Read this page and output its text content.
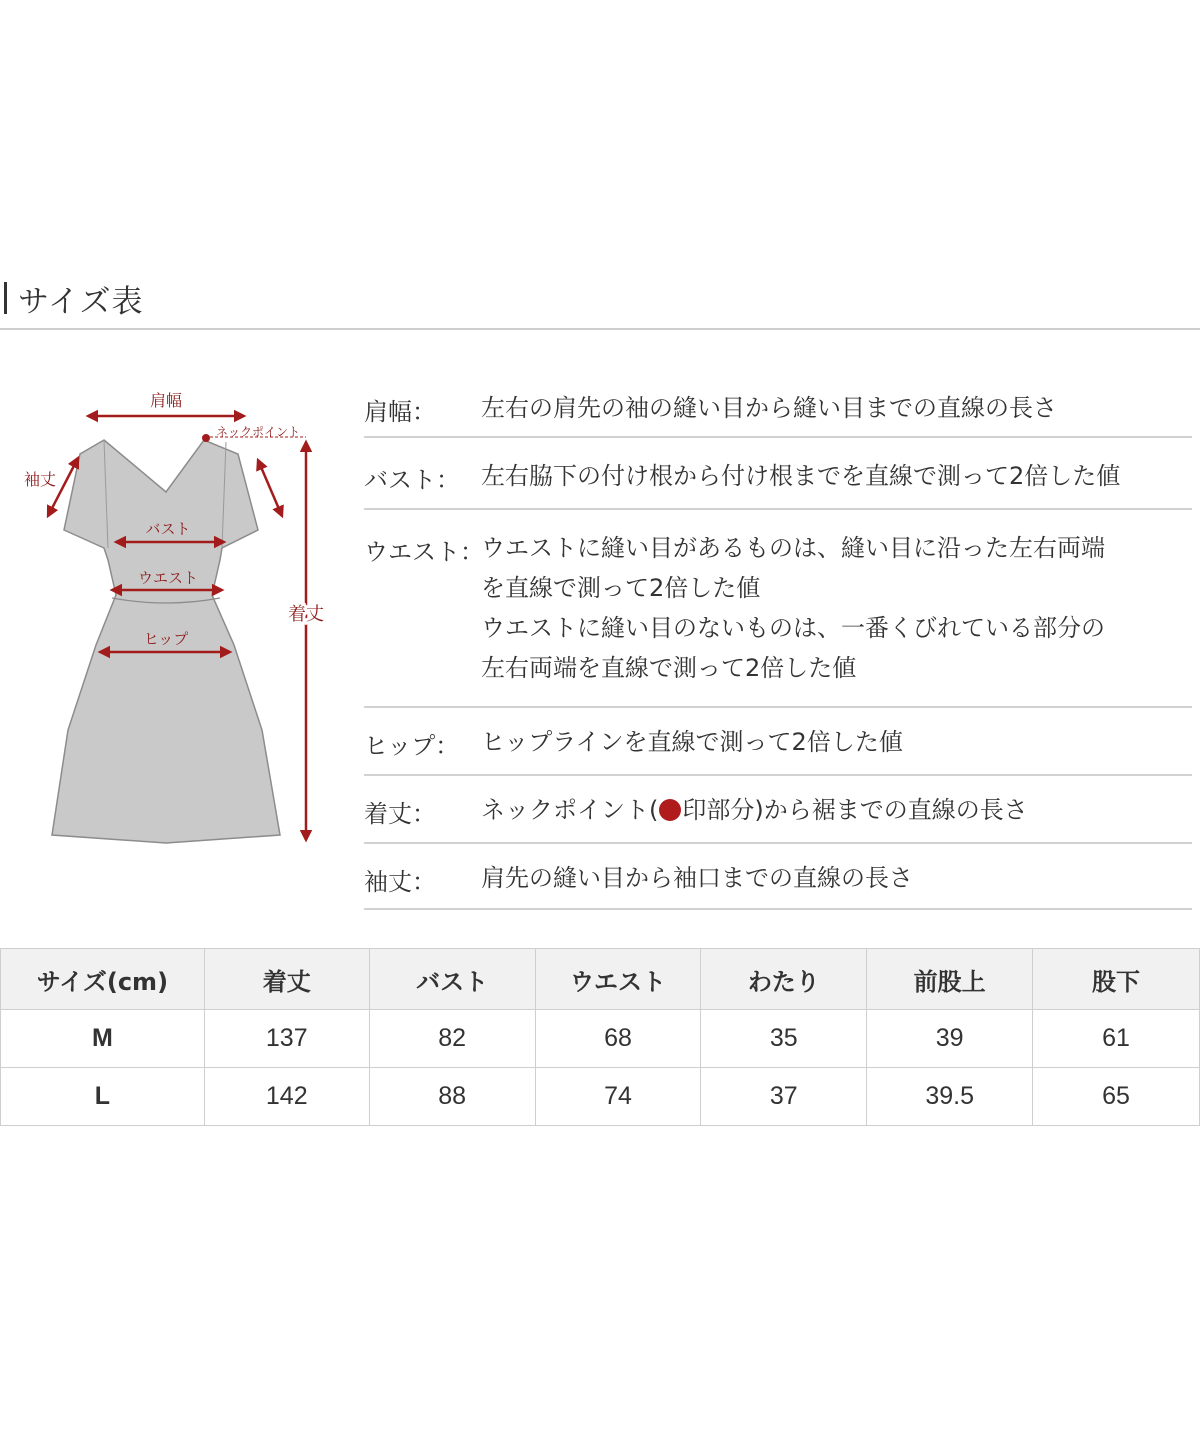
サイズ表
肩幅
ネックポイント
袖丈
バスト
ウエスト
ヒップ
着丈
肩幅： 左右の肩先の袖の縫い目から縫い目までの直線の長さ
バスト： 左右脇下の付け根から付け根までを直線で測って2倍した値
ウエスト：
ウエストに縫い目があるものは、縫い目に沿った左右両端
を直線で測って2倍した値
ウエストに縫い目のないものは、一番くびれている部分の
左右両端を直線で測って2倍した値
ヒップ： ヒップラインを直線で測って2倍した値
着丈： ネックポイント( 印部分)から裾までの直線の長さ
袖丈： 肩先の縫い目から袖口までの直線の長さ
サイズ(cm)	着丈	バスト	ウエスト	わたり	前股上	股下
M	137	82	68	35	39	61
L	142	88	74	37	39.5	65
